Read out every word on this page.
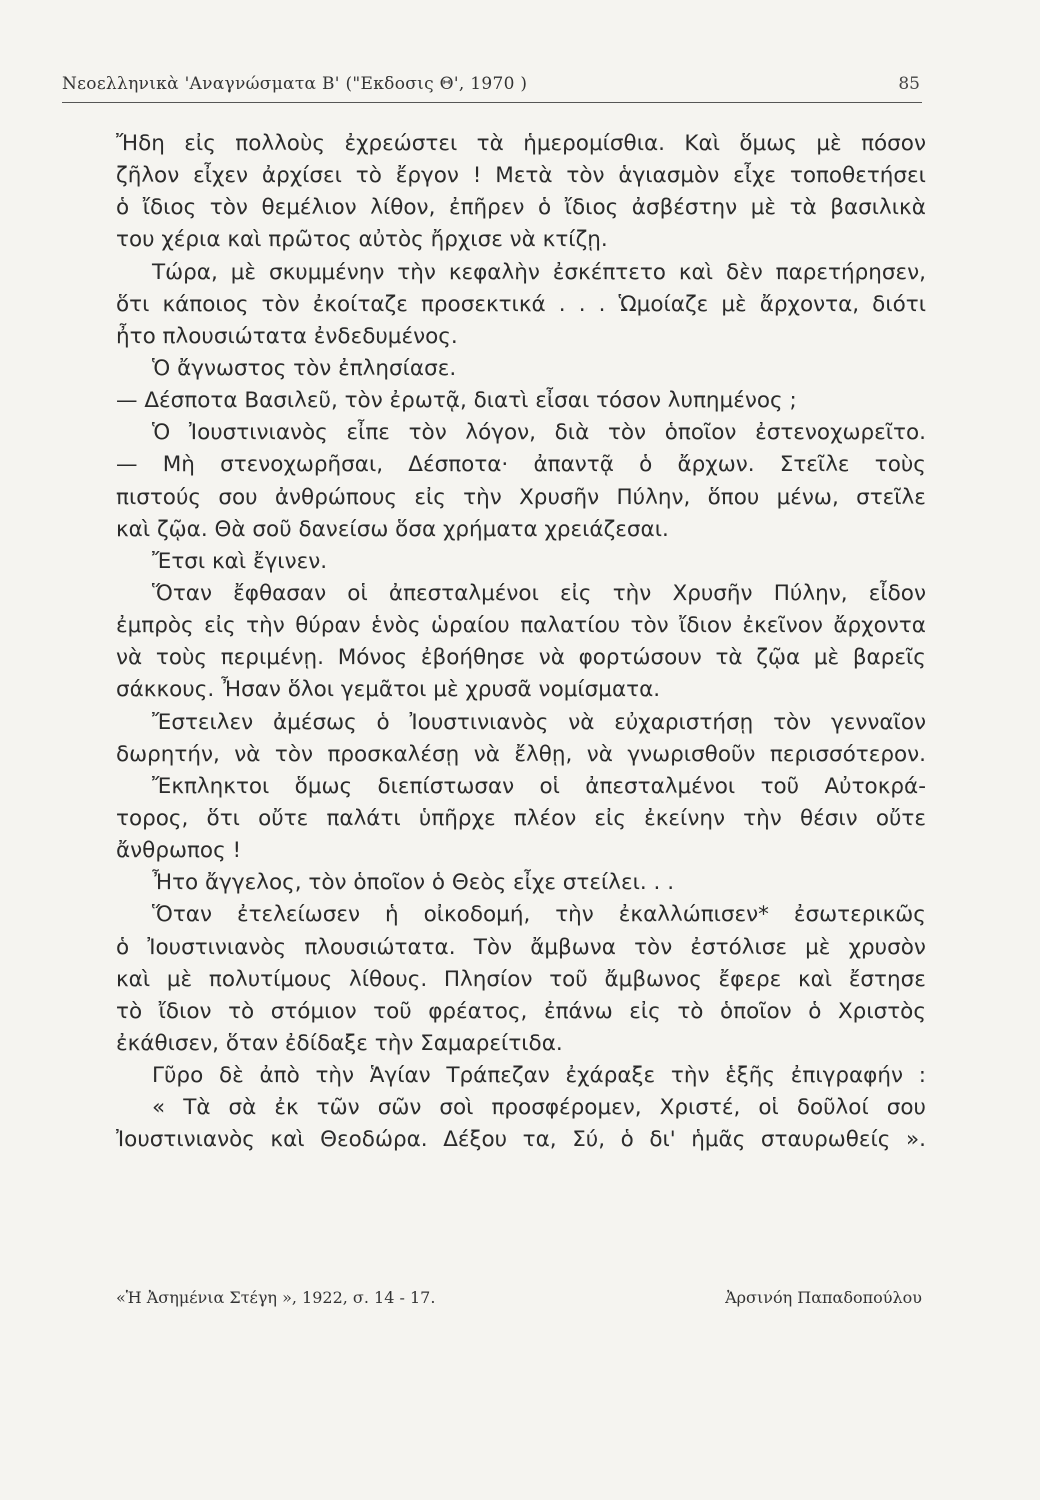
Νεοελληνικὰ 'Αναγνώσματα Β' ("Εκδοσις Θ', 1970 )	85
Ἤδη εἰς πολλοὺς ἐχρεώστει τὰ ἡμερομίσθια. Καὶ ὅμως μὲ πόσον
ζῆλον εἶχεν ἀρχίσει τὸ ἔργον ! Μετὰ τὸν ἁγιασμὸν εἶχε τοποθετήσει
ὁ ἴδιος τὸν θεμέλιον λίθον, ἐπῆρεν ὁ ἴδιος ἀσβέστην μὲ τὰ βασιλικὰ
του χέρια καὶ πρῶτος αὐτὸς ἤρχισε νὰ κτίζῃ.
Τώρα, μὲ σκυμμένην τὴν κεφαλὴν ἐσκέπτετο καὶ δὲν παρετήρησεν,
ὅτι κάποιος τὸν ἐκοίταζε προσεκτικά . . . Ὡμοίαζε μὲ ἄρχοντα, διότι
ἦτο πλουσιώτατα ἐνδεδυμένος.
Ὁ ἄγνωστος τὸν ἐπλησίασε.
— Δέσποτα Βασιλεῦ, τὸν ἐρωτᾷ, διατὶ εἶσαι τόσον λυπημένος ;
Ὁ Ἰουστινιανὸς εἶπε τὸν λόγον, διὰ τὸν ὁποῖον ἐστενοχωρεῖτο.
— Μὴ στενοχωρῆσαι, Δέσποτα· ἀπαντᾷ ὁ ἄρχων. Στεῖλε τοὺς
πιστούς σου ἀνθρώπους εἰς τὴν Χρυσῆν Πύλην, ὅπου μένω, στεῖλε
καὶ ζῷα. Θὰ σοῦ δανείσω ὅσα χρήματα χρειάζεσαι.
Ἔτσι καὶ ἔγινεν.
Ὅταν ἔφθασαν οἱ ἀπεσταλμένοι εἰς τὴν Χρυσῆν Πύλην, εἶδον
ἐμπρὸς εἰς τὴν θύραν ἑνὸς ὡραίου παλατίου τὸν ἴδιον ἐκεῖνον ἄρχοντα
νὰ τοὺς περιμένῃ. Μόνος ἐβοήθησε νὰ φορτώσουν τὰ ζῷα μὲ βαρεῖς
σάκκους. Ἦσαν ὅλοι γεμᾶτοι μὲ χρυσᾶ νομίσματα.
Ἔστειλεν ἀμέσως ὁ Ἰουστινιανὸς νὰ εὐχαριστήσῃ τὸν γενναῖον
δωρητήν, νὰ τὸν προσκαλέσῃ νὰ ἔλθῃ, νὰ γνωρισθοῦν περισσότερον.
Ἔκπληκτοι ὅμως διεπίστωσαν οἱ ἀπεσταλμένοι τοῦ Αὐτοκρά-
τορος, ὅτι οὔτε παλάτι ὑπῆρχε πλέον εἰς ἐκείνην τὴν θέσιν οὔτε
ἄνθρωπος !
Ἦτο ἄγγελος, τὸν ὁποῖον ὁ Θεὸς εἶχε στείλει. . .
Ὅταν ἐτελείωσεν ἡ οἰκοδομή, τὴν ἐκαλλώπισεν* ἐσωτερικῶς
ὁ Ἰουστινιανὸς πλουσιώτατα. Τὸν ἄμβωνα τὸν ἐστόλισε μὲ χρυσὸν
καὶ μὲ πολυτίμους λίθους. Πλησίον τοῦ ἄμβωνος ἔφερε καὶ ἔστησε
τὸ ἴδιον τὸ στόμιον τοῦ φρέατος, ἐπάνω εἰς τὸ ὁποῖον ὁ Χριστὸς
ἐκάθισεν, ὅταν ἐδίδαξε τὴν Σαμαρείτιδα.
Γῦρο δὲ ἀπὸ τὴν Ἁγίαν Τράπεζαν ἐχάραξε τὴν ἑξῆς ἐπιγραφήν :
« Τὰ σὰ ἐκ τῶν σῶν σοὶ προσφέρομεν, Χριστέ, οἱ δοῦλοί σου
Ἰουστινιανὸς καὶ Θεοδώρα. Δέξου τα, Σύ, ὁ δι' ἡμᾶς σταυρωθείς ».
«Ἡ Ἀσημένια Στέγη », 1922, σ. 14 - 17.	Ἀρσινόη Παπαδοπούλου
